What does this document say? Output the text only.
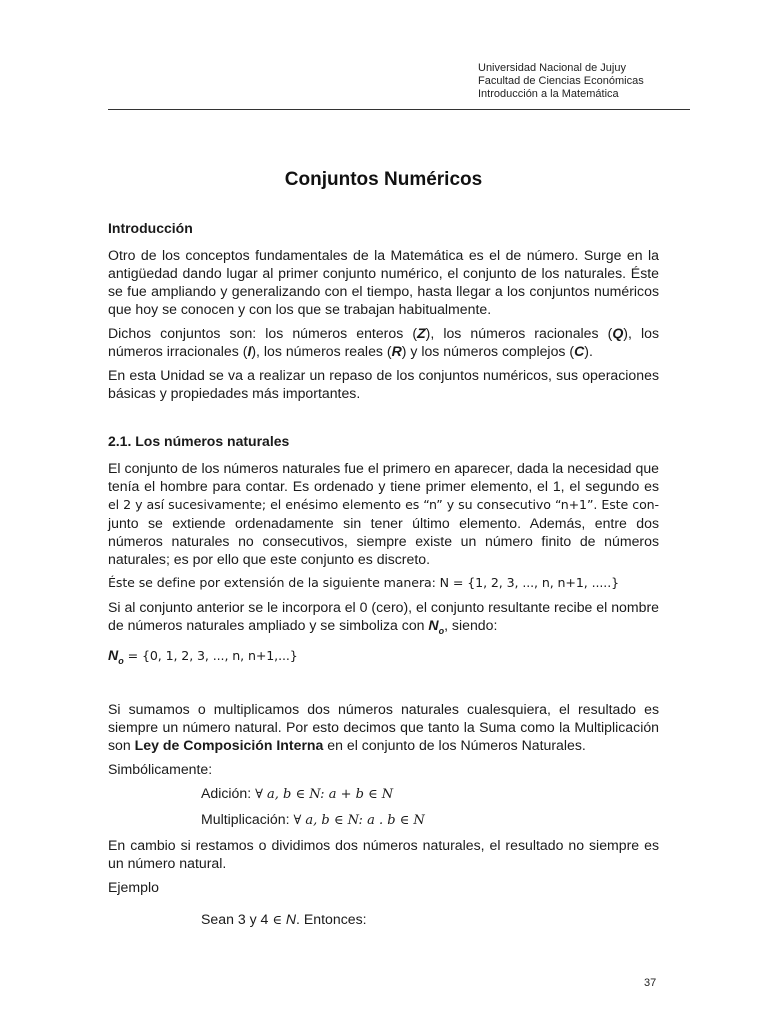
Universidad Nacional de Jujuy
Facultad de Ciencias Económicas
Introducción a la Matemática
Conjuntos Numéricos
Introducción

Otro de los conceptos fundamentales de la Matemática es el de número. Surge en la antigüedad dando lugar al primer conjunto numérico, el conjunto de los naturales. Éste se fue ampliando y generalizando con el tiempo, hasta llegar a los conjuntos numéricos que hoy se conocen y con los que se trabajan habitualmente.

Dichos conjuntos son: los números enteros (Z), los números racionales (Q), los números irracionales (I), los números reales (R) y los números complejos (C).

En esta Unidad se va a realizar un repaso de los conjuntos numéricos, sus operaciones básicas y propiedades más importantes.

2.1. Los números naturales

El conjunto de los números naturales fue el primero en aparecer, dada la necesidad que tenía el hombre para contar. Es ordenado y tiene primer elemento, el 1, el segundo es el 2 y así sucesivamente; el enésimo elemento es “n” y su consecutivo “n+1”. Este con-junto se extiende ordenadamente sin tener último elemento. Además, entre dos números naturales no consecutivos, siempre existe un número finito de números naturales; es por ello que este conjunto es discreto.

Éste se define por extensión de la siguiente manera: N = {1, 2, 3, ..., n, n+1, .....}

Si al conjunto anterior se le incorpora el 0 (cero), el conjunto resultante recibe el nombre de números naturales ampliado y se simboliza con $N_o$, siendo:

$N_o = \{0$, 1, 2, 3, ..., n, n+1,...}

Si sumamos o multiplicamos dos números naturales cualesquiera, el resultado es siempre un número natural. Por esto decimos que tanto la Suma como la Multiplicación son Ley de Composición Interna en el conjunto de los Números Naturales.

Simbólicamente:

Adición: ∀ a, b ∈ N: a + b ∈ N

Multiplicación: ∀ a, b ∈ N: a . b ∈ N

En cambio si restamos o dividimos dos números naturales, el resultado no siempre es un número natural.

Ejemplo

Sean 3 y 4 ∈ N. Entonces:

37
